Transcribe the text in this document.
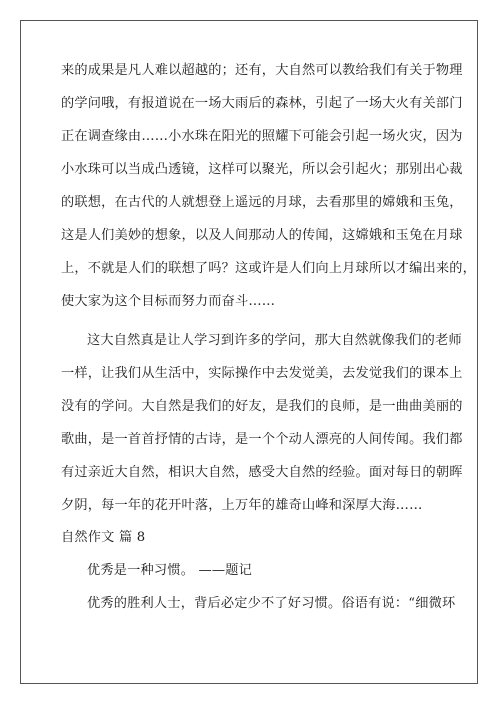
来的成果是凡人难以超越的；还有，大自然可以教给我们有关于物理
的学问哦，有报道说在一场大雨后的森林，引起了一场大火有关部门
正在调查缘由……小水珠在阳光的照耀下可能会引起一场火灾，因为
小水珠可以当成凸透镜，这样可以聚光，所以会引起火；那别出心裁
的联想，在古代的人就想登上遥远的月球，去看那里的嫦娥和玉兔，
这是人们美妙的想象，以及人间那动人的传闻，这嫦娥和玉兔在月球
上，不就是人们的联想了吗？这或许是人们向上月球所以才编出来的，
使大家为这个目标而努力而奋斗……
这大自然真是让人学习到许多的学问，那大自然就像我们的老师
一样，让我们从生活中，实际操作中去发觉美，去发觉我们的课本上
没有的学问。大自然是我们的好友，是我们的良师，是一曲曲美丽的
歌曲，是一首首抒情的古诗，是一个个动人漂亮的人间传闻。我们都
有过亲近大自然，相识大自然，感受大自然的经验。面对每日的朝晖
夕阴，每一年的花开叶落，上万年的雄奇山峰和深厚大海……
自然作文 篇 8
优秀是一种习惯。 ——题记
优秀的胜利人士，背后必定少不了好习惯。俗语有说：“细微环
